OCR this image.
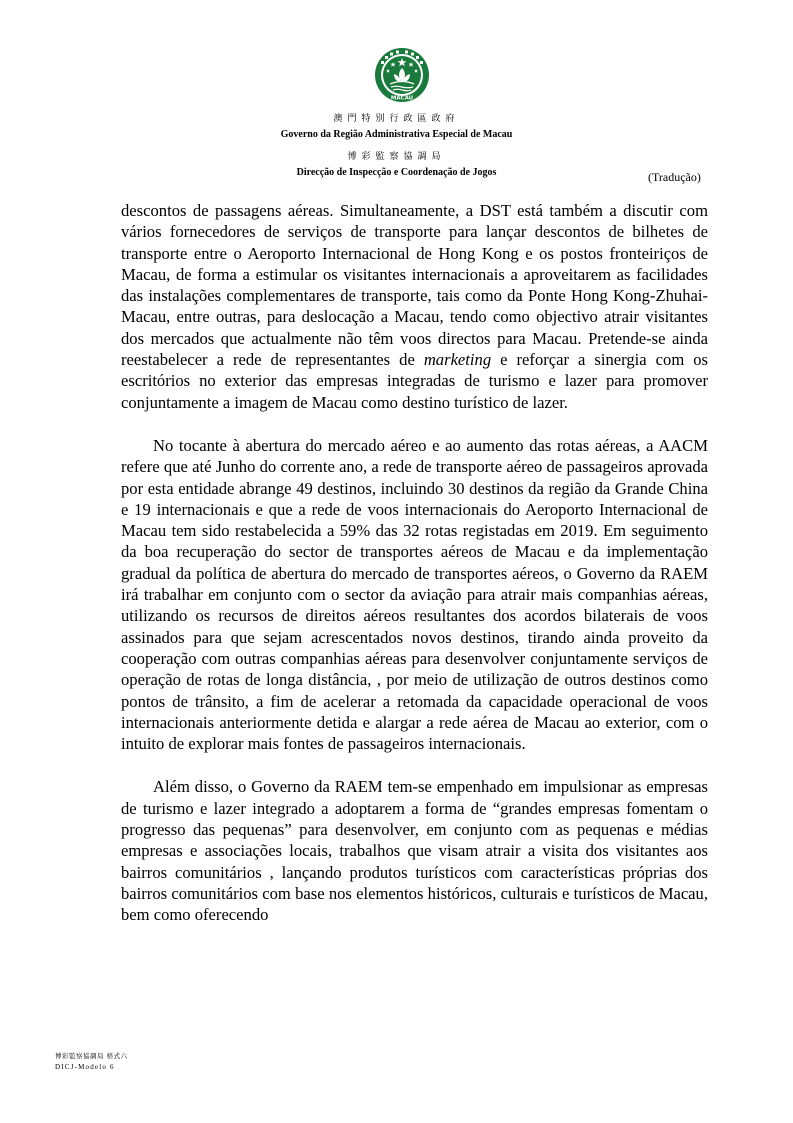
MACAU
澳門特別行政區政府
Governo da Região Administrativa Especial de Macau
博彩監察協調局
Direcção de Inspecção e Coordenação de Jogos	(Tradução)

descontos de passagens aéreas. Simultaneamente, a DST está também a discutir com vários fornecedores de serviços de transporte para lançar descontos de bilhetes de transporte entre o Aeroporto Internacional de Hong Kong e os postos fronteiriços de Macau, de forma a estimular os visitantes internacionais a aproveitarem as facilidades das instalações complementares de transporte, tais como da Ponte Hong Kong-Zhuhai-Macau, entre outras, para deslocação a Macau, tendo como objectivo atrair visitantes dos mercados que actualmente não têm voos directos para Macau. Pretende-se ainda reestabelecer a rede de representantes de marketing e reforçar a sinergia com os escritórios no exterior das empresas integradas de turismo e lazer para promover conjuntamente a imagem de Macau como destino turístico de lazer.

No tocante à abertura do mercado aéreo e ao aumento das rotas aéreas, a AACM refere que até Junho do corrente ano, a rede de transporte aéreo de passageiros aprovada por esta entidade abrange 49 destinos, incluindo 30 destinos da região da Grande China e 19 internacionais e que a rede de voos internacionais do Aeroporto Internacional de Macau tem sido restabelecida a 59% das 32 rotas registadas em 2019. Em seguimento da boa recuperação do sector de transportes aéreos de Macau e da implementação gradual da política de abertura do mercado de transportes aéreos, o Governo da RAEM irá trabalhar em conjunto com o sector da aviação para atrair mais companhias aéreas, utilizando os recursos de direitos aéreos resultantes dos acordos bilaterais de voos assinados para que sejam acrescentados novos destinos, tirando ainda proveito da cooperação com outras companhias aéreas para desenvolver conjuntamente serviços de operação de rotas de longa distância, , por meio de utilização de outros destinos como pontos de trânsito, a fim de acelerar a retomada da capacidade operacional de voos internacionais anteriormente detida e alargar a rede aérea de Macau ao exterior, com o intuito de explorar mais fontes de passageiros internacionais.

Além disso, o Governo da RAEM tem-se empenhado em impulsionar as empresas de turismo e lazer integrado a adoptarem a forma de “grandes empresas fomentam o progresso das pequenas” para desenvolver, em conjunto com as pequenas e médias empresas e associações locais, trabalhos que visam atrair a visita dos visitantes aos bairros comunitários , lançando produtos turísticos com características próprias dos bairros comunitários com base nos elementos históricos, culturais e turísticos de Macau, bem como oferecendo

博彩監察協調局 格式六
DICJ-Modelo 6
